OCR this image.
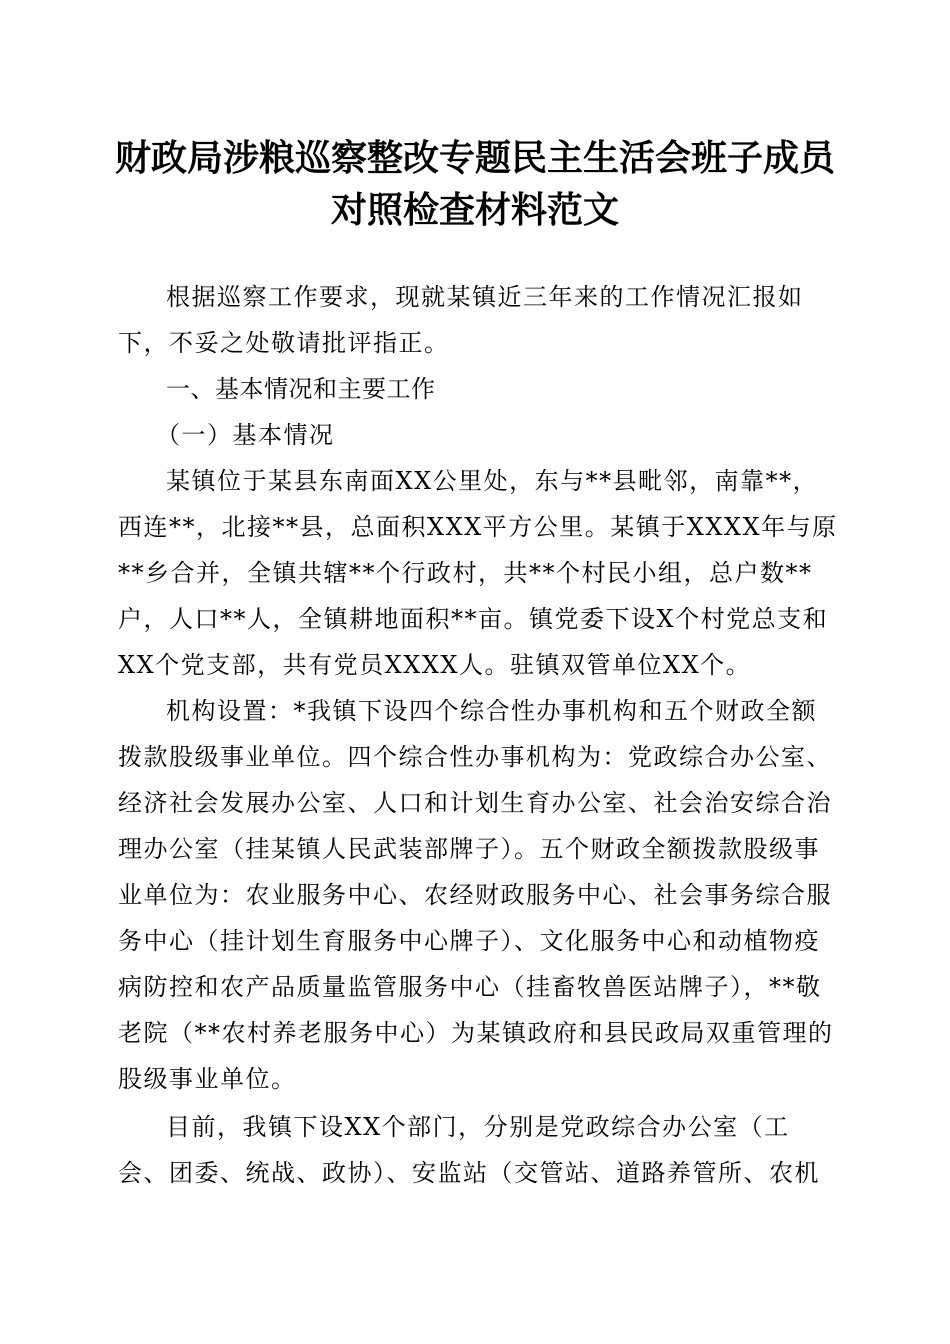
财政局涉粮巡察整改专题民主生活会班子成员
对照检查材料范文

根据巡察工作要求，现就某镇近三年来的工作情况汇报如下，不妥之处敬请批评指正。

一、基本情况和主要工作

（一）基本情况

某镇位于某县东南面XX公里处，东与**县毗邻，南靠**，西连**，北接**县，总面积XXX平方公里。某镇于XXXX年与原**乡合并，全镇共辖**个行政村，共**个村民小组，总户数**户，人口**人，全镇耕地面积**亩。镇党委下设X个村党总支和XX个党支部，共有党员XXXX人。驻镇双管单位XX个。

机构设置：*我镇下设四个综合性办事机构和五个财政全额拨款股级事业单位。四个综合性办事机构为：党政综合办公室、经济社会发展办公室、人口和计划生育办公室、社会治安综合治理办公室（挂某镇人民武装部牌子）。五个财政全额拨款股级事业单位为：农业服务中心、农经财政服务中心、社会事务综合服务中心（挂计划生育服务中心牌子）、文化服务中心和动植物疫病防控和农产品质量监管服务中心（挂畜牧兽医站牌子），**敬老院（**农村养老服务中心）为某镇政府和县民政局双重管理的股级事业单位。

目前，我镇下设XX个部门，分别是党政综合办公室（工会、团委、统战、政协）、安监站（交管站、道路养管所、农机
